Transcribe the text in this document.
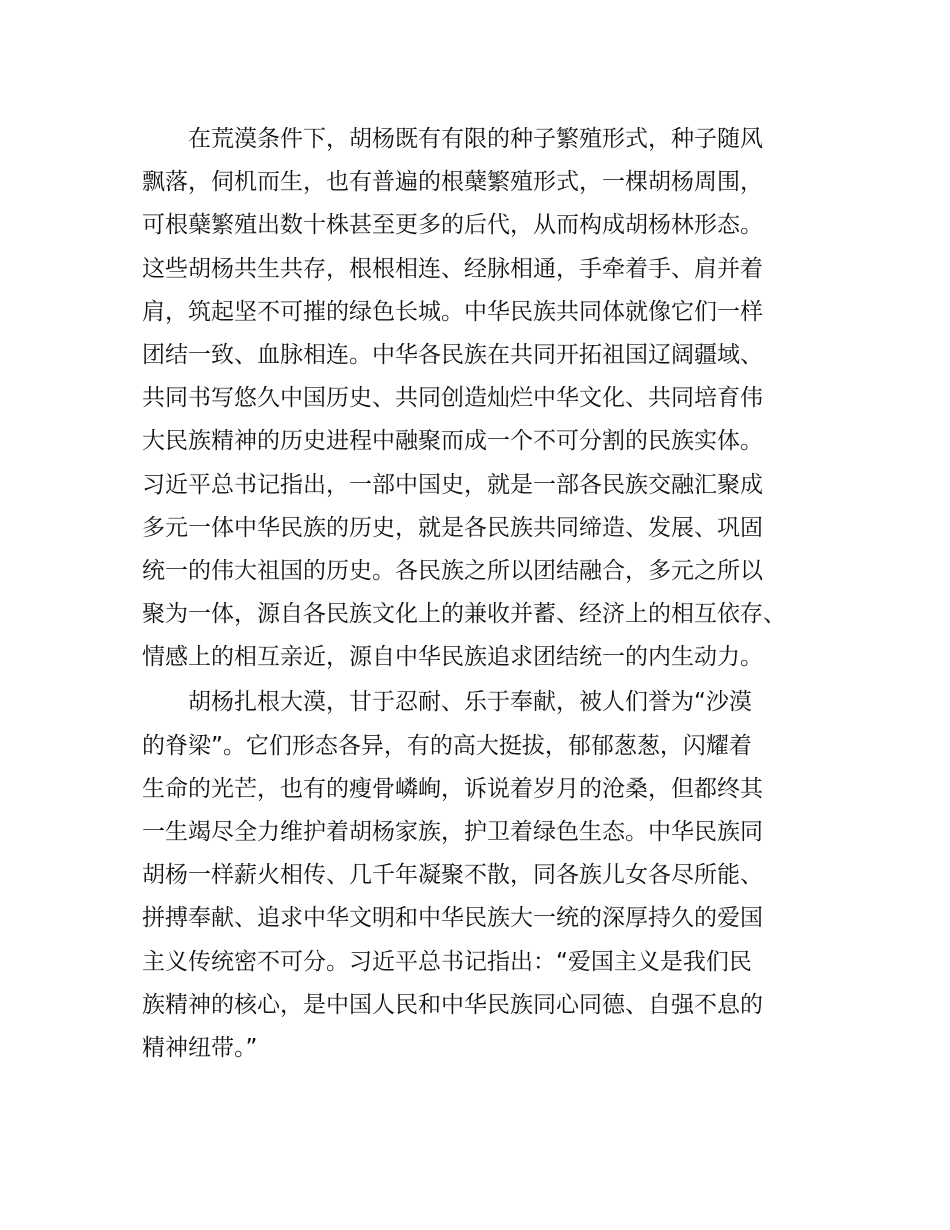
在荒漠条件下，胡杨既有有限的种子繁殖形式，种子随风
飘落，伺机而生，也有普遍的根蘖繁殖形式，一棵胡杨周围，
可根蘖繁殖出数十株甚至更多的后代，从而构成胡杨林形态。
这些胡杨共生共存，根根相连、经脉相通，手牵着手、肩并着
肩，筑起坚不可摧的绿色长城。中华民族共同体就像它们一样
团结一致、血脉相连。中华各民族在共同开拓祖国辽阔疆域、
共同书写悠久中国历史、共同创造灿烂中华文化、共同培育伟
大民族精神的历史进程中融聚而成一个不可分割的民族实体。
习近平总书记指出，一部中国史，就是一部各民族交融汇聚成
多元一体中华民族的历史，就是各民族共同缔造、发展、巩固
统一的伟大祖国的历史。各民族之所以团结融合，多元之所以
聚为一体，源自各民族文化上的兼收并蓄、经济上的相互依存、
情感上的相互亲近，源自中华民族追求团结统一的内生动力。
胡杨扎根大漠，甘于忍耐、乐于奉献，被人们誉为“沙漠
的脊梁”。它们形态各异，有的高大挺拔，郁郁葱葱，闪耀着
生命的光芒，也有的瘦骨嶙峋，诉说着岁月的沧桑，但都终其
一生竭尽全力维护着胡杨家族，护卫着绿色生态。中华民族同
胡杨一样薪火相传、几千年凝聚不散，同各族儿女各尽所能、
拼搏奉献、追求中华文明和中华民族大一统的深厚持久的爱国
主义传统密不可分。习近平总书记指出：“爱国主义是我们民
族精神的核心，是中国人民和中华民族同心同德、自强不息的
精神纽带。”
